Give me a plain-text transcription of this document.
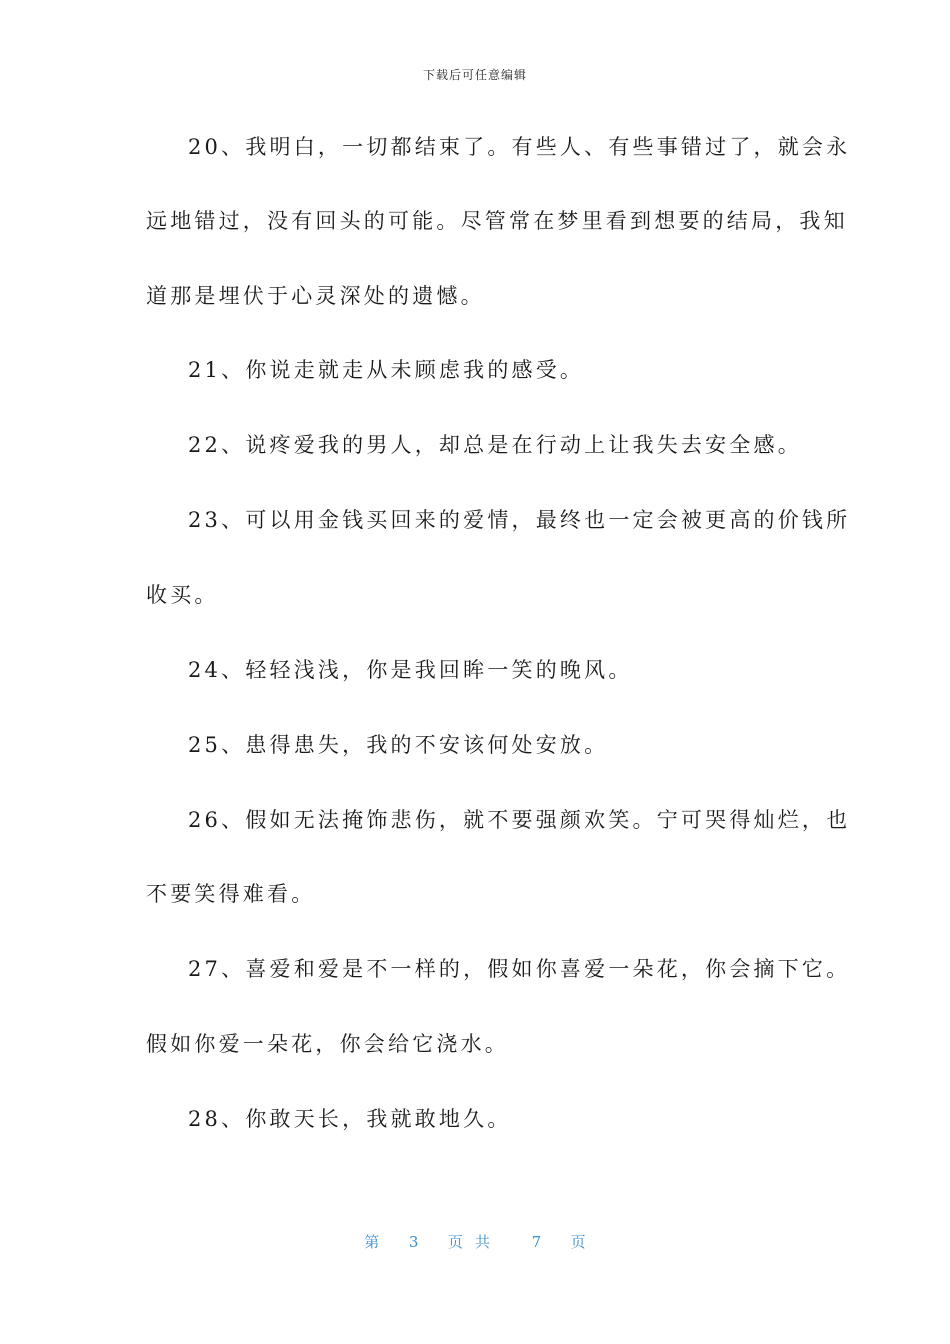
下载后可任意编辑
20、我明白，一切都结束了。有些人、有些事错过了，就会永
远地错过，没有回头的可能。尽管常在梦里看到想要的结局，我知
道那是埋伏于心灵深处的遗憾。
21、你说走就走从未顾虑我的感受。
22、说疼爱我的男人，却总是在行动上让我失去安全感。
23、可以用金钱买回来的爱情，最终也一定会被更高的价钱所
收买。
24、轻轻浅浅，你是我回眸一笑的晚风。
25、患得患失，我的不安该何处安放。
26、假如无法掩饰悲伤，就不要强颜欢笑。宁可哭得灿烂，也
不要笑得难看。
27、喜爱和爱是不一样的，假如你喜爱一朵花，你会摘下它。
假如你爱一朵花，你会给它浇水。
28、你敢天长，我就敢地久。
第 3 页共 7 页
